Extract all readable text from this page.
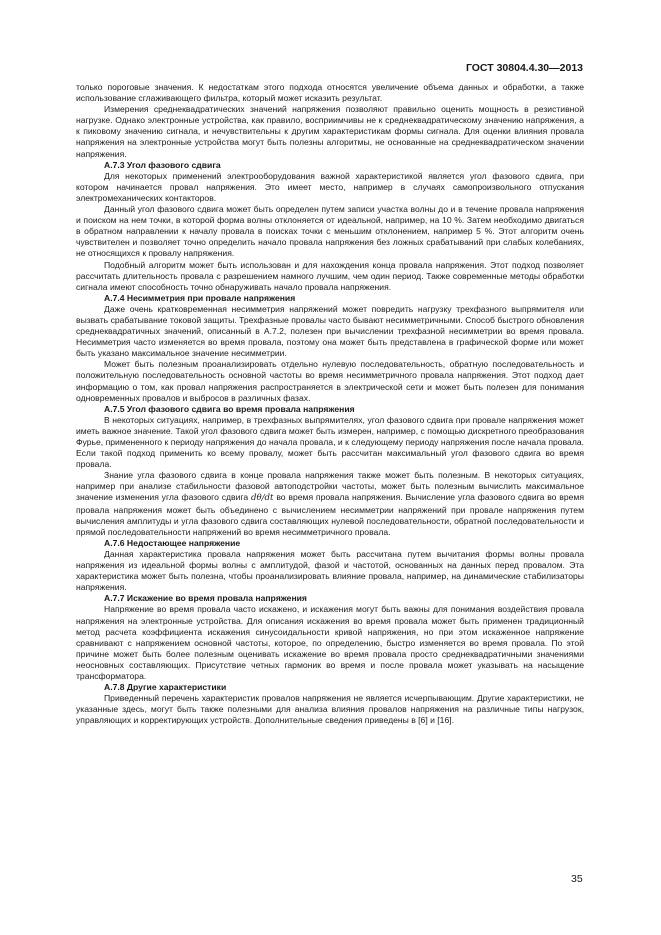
ГОСТ 30804.4.30—2013

только пороговые значения. К недостаткам этого подхода относятся увеличение объема данных и обработки, а также использование сглаживающего фильтра, который может исказить результат.

Измерения среднеквадратических значений напряжения позволяют правильно оценить мощность в резистивной нагрузке. Однако электронные устройства, как правило, восприимчивы не к среднеквадратическому значению напряжения, а к пиковому значению сигнала, и нечувствительны к другим характеристикам формы сигнала. Для оценки влияния провала напряжения на электронные устройства могут быть полезны алгоритмы, не основанные на среднеквадратическом значении напряжения.

А.7.3 Угол фазового сдвига

Для некоторых применений электрооборудования важной характеристикой является угол фазового сдвига, при котором начинается провал напряжения. Это имеет место, например в случаях самопроизвольного отпускания электромеханических контакторов.

Данный угол фазового сдвига может быть определен путем записи участка волны до и в течение провала напряжения и поиском на нем точки, в которой форма волны отклоняется от идеальной, например, на 10 %. Затем необходимо двигаться в обратном направлении к началу провала в поисках точки с меньшим отклонением, например 5 %. Этот алгоритм очень чувствителен и позволяет точно определить начало провала напряжения без ложных срабатываний при слабых колебаниях, не относящихся к провалу напряжения.

Подобный алгоритм может быть использован и для нахождения конца провала напряжения. Этот подход позволяет рассчитать длительность провала с разрешением намного лучшим, чем один период. Также современные методы обработки сигнала имеют способность точно обнаруживать начало провала напряжения.

А.7.4 Несимметрия при провале напряжения

Даже очень кратковременная несимметрия напряжений может повредить нагрузку трехфазного выпрямителя или вызвать срабатывание токовой защиты. Трехфазные провалы часто бывают несимметричными. Способ быстрого обновления среднеквадратичных значений, описанный в А.7.2, полезен при вычислении трехфазной несимметрии во время провала. Несимметрия часто изменяется во время провала, поэтому она может быть представлена в графической форме или может быть указано максимальное значение несимметрии.

Может быть полезным проанализировать отдельно нулевую последовательность, обратную последовательность и положительную последовательность основной частоты во время несимметричного провала напряжения. Этот подход дает информацию о том, как провал напряжения распространяется в электрической сети и может быть полезен для понимания одновременных провалов и выбросов в различных фазах.

А.7.5 Угол фазового сдвига во время провала напряжения

В некоторых ситуациях, например, в трехфазных выпрямителях, угол фазового сдвига при провале напряжения может иметь важное значение. Такой угол фазового сдвига может быть измерен, например, с помощью дискретного преобразования Фурье, примененного к периоду напряжения до начала провала, и к следующему периоду напряжения после начала провала. Если такой подход применить ко всему провалу, может быть рассчитан максимальный угол фазового сдвига во время провала.

Знание угла фазового сдвига в конце провала напряжения также может быть полезным. В некоторых ситуациях, например при анализе стабильности фазовой автоподстройки частоты, может быть полезным вычислить максимальное значение изменения угла фазового сдвига dθ/dt во время провала напряжения. Вычисление угла фазового сдвига во время провала напряжения может быть объединено с вычислением несимметрии напряжений при провале напряжения путем вычисления амплитуды и угла фазового сдвига составляющих нулевой последовательности, обратной последовательности и прямой последовательности напряжений во время несимметричного провала.

А.7.6 Недостающее напряжение

Данная характеристика провала напряжения может быть рассчитана путем вычитания формы волны провала напряжения из идеальной формы волны с амплитудой, фазой и частотой, основанных на данных перед провалом. Эта характеристика может быть полезна, чтобы проанализировать влияние провала, например, на динамические стабилизаторы напряжения.

А.7.7 Искажение во время провала напряжения

Напряжение во время провала часто искажено, и искажения могут быть важны для понимания воздействия провала напряжения на электронные устройства. Для описания искажения во время провала может быть применен традиционный метод расчета коэффициента искажения синусоидальности кривой напряжения, но при этом искаженное напряжение сравнивают с напряжением основной частоты, которое, по определению, быстро изменяется во время провала. По этой причине может быть более полезным оценивать искажение во время провала просто среднеквадратичными значениями неосновных составляющих. Присутствие четных гармоник во время и после провала может указывать на насыщение трансформатора.

А.7.8 Другие характеристики

Приведенный перечень характеристик провалов напряжения не является исчерпывающим. Другие характеристики, не указанные здесь, могут быть также полезными для анализа влияния провалов напряжения на различные типы нагрузок, управляющих и корректирующих устройств. Дополнительные сведения приведены в [6] и [16].

35
